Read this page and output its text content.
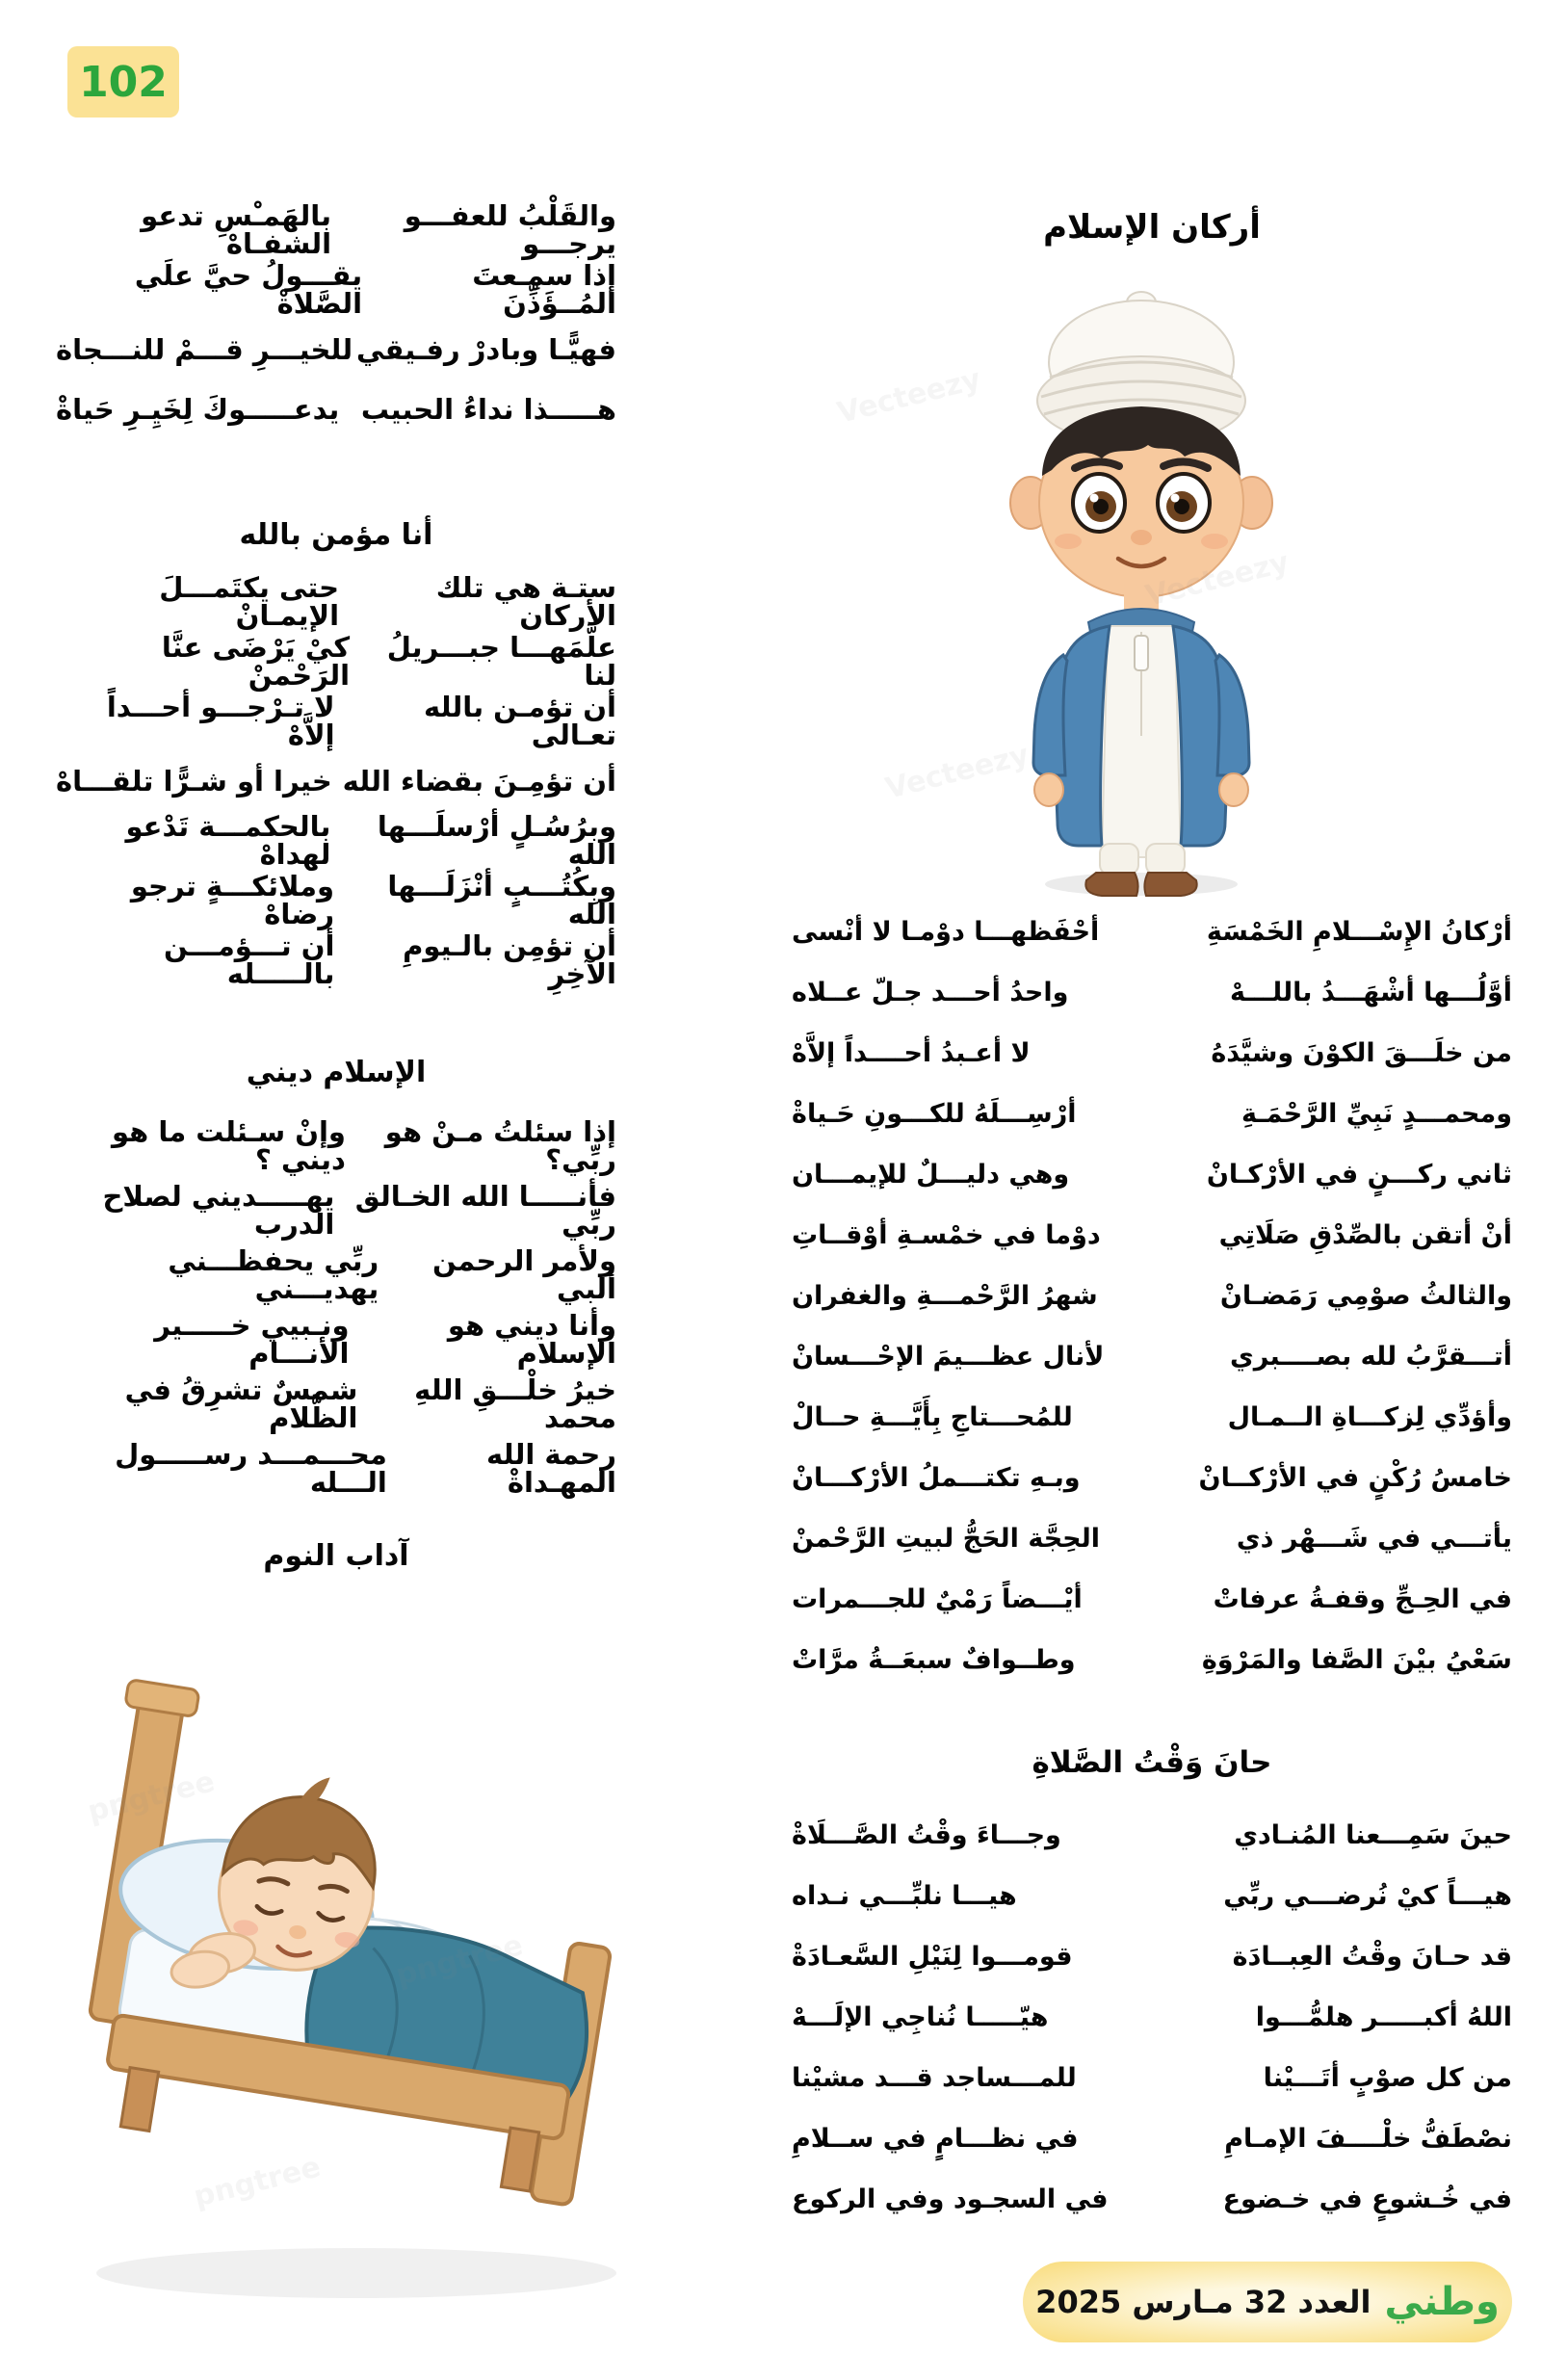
102
أركان الإسلام
Vecteezy
Vecteezy
Vecteezy
أرْكانُ الإِسْـــلامِ الخَمْسَةِ
أحْفَظهـــا دوْمـا لا أنْسى
أوَّلُـــها أشْهَـــدُ باللـــهْ
واحدُ أحـــد جـلّ عــلاه
من خلَـــقَ الكوْنَ وشيَّدَهُ
لا أعـبدُ أحــــداً إلاَّهْ
ومحمـــدٍ نَبِيِّ الرَّحْمَـةِ
أرْسِـــلَهُ للكـــونِ حَـياةْ
ثاني ركـــنٍ في الأرْكـانْ
وهي دليـــلٌ للإيمـــان
أنْ أتقن بالصِّدْقِ صَلَاتِي
دوْما في خمْسـةِ أوْقــاتِ
والثالثُ صوْمِي رَمَضـانْ
شهرُ الرَّحْمـــةِ والغفران
أتـــقرَّبُ لله بصــــبري
لأنال عظـــيمَ الإحْـــسانْ
وأؤدِّي لِزكـــاةِ الــمـال
للمُحـــتاجِ بِأَيَّـــةِ حــالْ
خامسُ رُكْنٍ في الأرْكــانْ
وبـهِ تكتـــملُ الأرْكـــانْ
يأتـــي في شَـــهْر ذي
الحِجَّة الحَجُّ لبيتِ الرَّحْمنْ
في الحِـجِّ وقفـةُ عرفاتْ
أيْـــضاً رَمْيٌ للجـــمرات
سَعْيُ بيْنَ الصَّفا والمَرْوَةِ
وطــوافٌ سبعَــةُ مرَّاتْ
حانَ وَقْتُ الصَّلاةِ
حينَ سَمِـــعنا المُنـادي
وجـــاءَ وقْتُ الصَّـــلَاةْ
هيـــاً كيْ نُرضـــي ربِّي
هيـــا نلبِّـــي نـداه
قد حـانَ وقْتُ العِبــادَة
قومـــوا لِنَيْلِ السَّعـادَةْ
اللهُ أكبـــــر هلمُّـــوا
هيّـــــا نُناجِي الإلَـــهْ
من كل صوْبٍ أتَـــيْنا
للمـــساجد قـــد مشيْنا
نصْطَفُّ خلْــــفَ الإمـامِ
في نظـــامٍ في ســلامِ
في خُـشوعٍ في خـضوع
في السجـود وفي الركوع
والقَلْبُ للعفـــو يرجـــو
بالهَمـْسِ تدعو الشفـاهْ
إذا سمِـعتَ المُــؤَذِّنَ
يقـــولُ حيَّ علَي الصَّلاةْ
فهيًّـا وبادرْ رفـيقي
للخيـــرِ قـــمْ للنـــجاة
هـــــذا نداءُ الحبيب
يدعـــــوكَ لِخَيِـرِ حَياةْ
أنا مؤمن بالله
ستـة هي تلك الأركان
حتى يكتَمـــلَ الإيمـانْ
علَّمَهـــا جبـــريلُ لنا
كيْ يَرْضَى عنَّا الرَحْمنْ
أن تؤمـن بالله تعـالى
لا تـرْجـــو أحـــداً إلاَّهْ
أن تؤمِـنَ بقضاء الله
خيرا أو شـرًّا تلقـــاهْ
وبرُسُـلٍ أرْسلَـــها الله
بالحكمـــة تَدْعو لهداهْ
وبِكُتُـــبٍ أنْزَلَـــها الله
وملائكـــةٍ ترجو رضاهْ
أن تؤمِن بالـيومِ الآخِرِ
أن تـــؤمـــن بالـــــله
الإسلام ديني
إذا سئلتُ مـنْ هو ربِّي؟
وإنْ سـئلت ما هو ديني ؟
فأنـــــا الله الخـالق ربِّي
يهـــــديني لصلاح الدرب
ولأمر الرحمن ألبي
ربِّي يحفظـــني يهديـــني
وأنا ديني هو الإسلام
ونـبيي خـــــير الأنـــام
خيرُ خلْـــقِ اللهِ محمد
شمسٌ تشرِقُ في الظَّلام
رحمة الله المهـداةْ
محـــمـــد رســـــول الـــله
آداب النوم
pngtree
وطني
العدد 32 مـارس 2025
